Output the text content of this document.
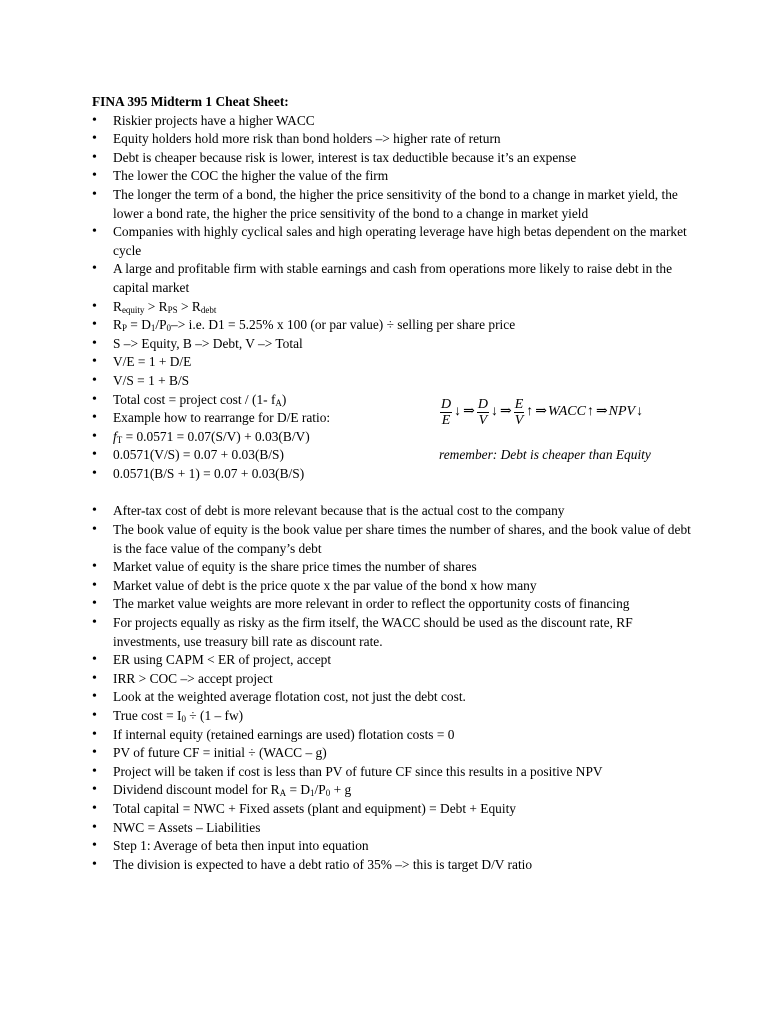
FINA 395 Midterm 1 Cheat Sheet:
• Riskier projects have a higher WACC
• Equity holders hold more risk than bond holders –> higher rate of return
• Debt is cheaper because risk is lower, interest is tax deductible because it’s an expense
• The lower the COC the higher the value of the firm
• The longer the term of a bond, the higher the price sensitivity of the bond to a change in market yield, the lower a bond rate, the higher the price sensitivity of the bond to a change in market yield
• Companies with highly cyclical sales and high operating leverage have high betas dependent on the market cycle
• A large and profitable firm with stable earnings and cash from operations more likely to raise debt in the capital market
• $R_{equity} > R_{PS} > R_{debt}$
• $R_P = D_1/P_0-> i.e$. D1 = 5.25% x 100 (or par value) ÷ selling per share price
• S –> Equity, B –> Debt, V –> Total
• V/E = 1 + D/E
• V/S = 1 + B/S
• Total cost = project cost / (1- $f_A$)
• Example how to rearrange for D/E ratio:
• $f_T = 0.0571 = 0.07(S/V) + 0.03(B/V)$
• 0.0571(V/S) = 0.07 + 0.03(B/S)
• 0.0571(B/S + 1) = 0.07 + 0.03(B/S)
• After-tax cost of debt is more relevant because that is the actual cost to the company
• The book value of equity is the book value per share times the number of shares, and the book value of debt is the face value of the company’s debt
• Market value of equity is the share price times the number of shares
• Market value of debt is the price quote x the par value of the bond x how many
• The market value weights are more relevant in order to reflect the opportunity costs of financing
• For projects equally as risky as the firm itself, the WACC should be used as the discount rate, RF investments, use treasury bill rate as discount rate.
• ER using CAPM < ER of project, accept
• IRR > COC –> accept project
• Look at the weighted average flotation cost, not just the debt cost.
• True $\cos t = I_0 \div (1 - fw)$
• If internal equity (retained earnings are used) flotation costs = 0
• PV of future CF = initial ÷ (WACC – g)
• Project will be taken if cost is less than PV of future CF since this results in a positive NPV
• Dividend discount model for $R_A = D_1/P_0 + g$
• Total capital = NWC + Fixed assets (plant and equipment) = Debt + Equity
• NWC = Assets – Liabilities
• Step 1: Average of beta then input into equation
• The division is expected to have a debt ratio of 35% –> this is target D/V ratio
$\frac{D}{E}$ ↓ ⇒ $\frac{D}{V}$ ↓ ⇒ $\frac{E}{V}$ ↑ ⇒ WACC ↑ ⇒ NPV ↓
remember: Debt is cheaper than Equity
